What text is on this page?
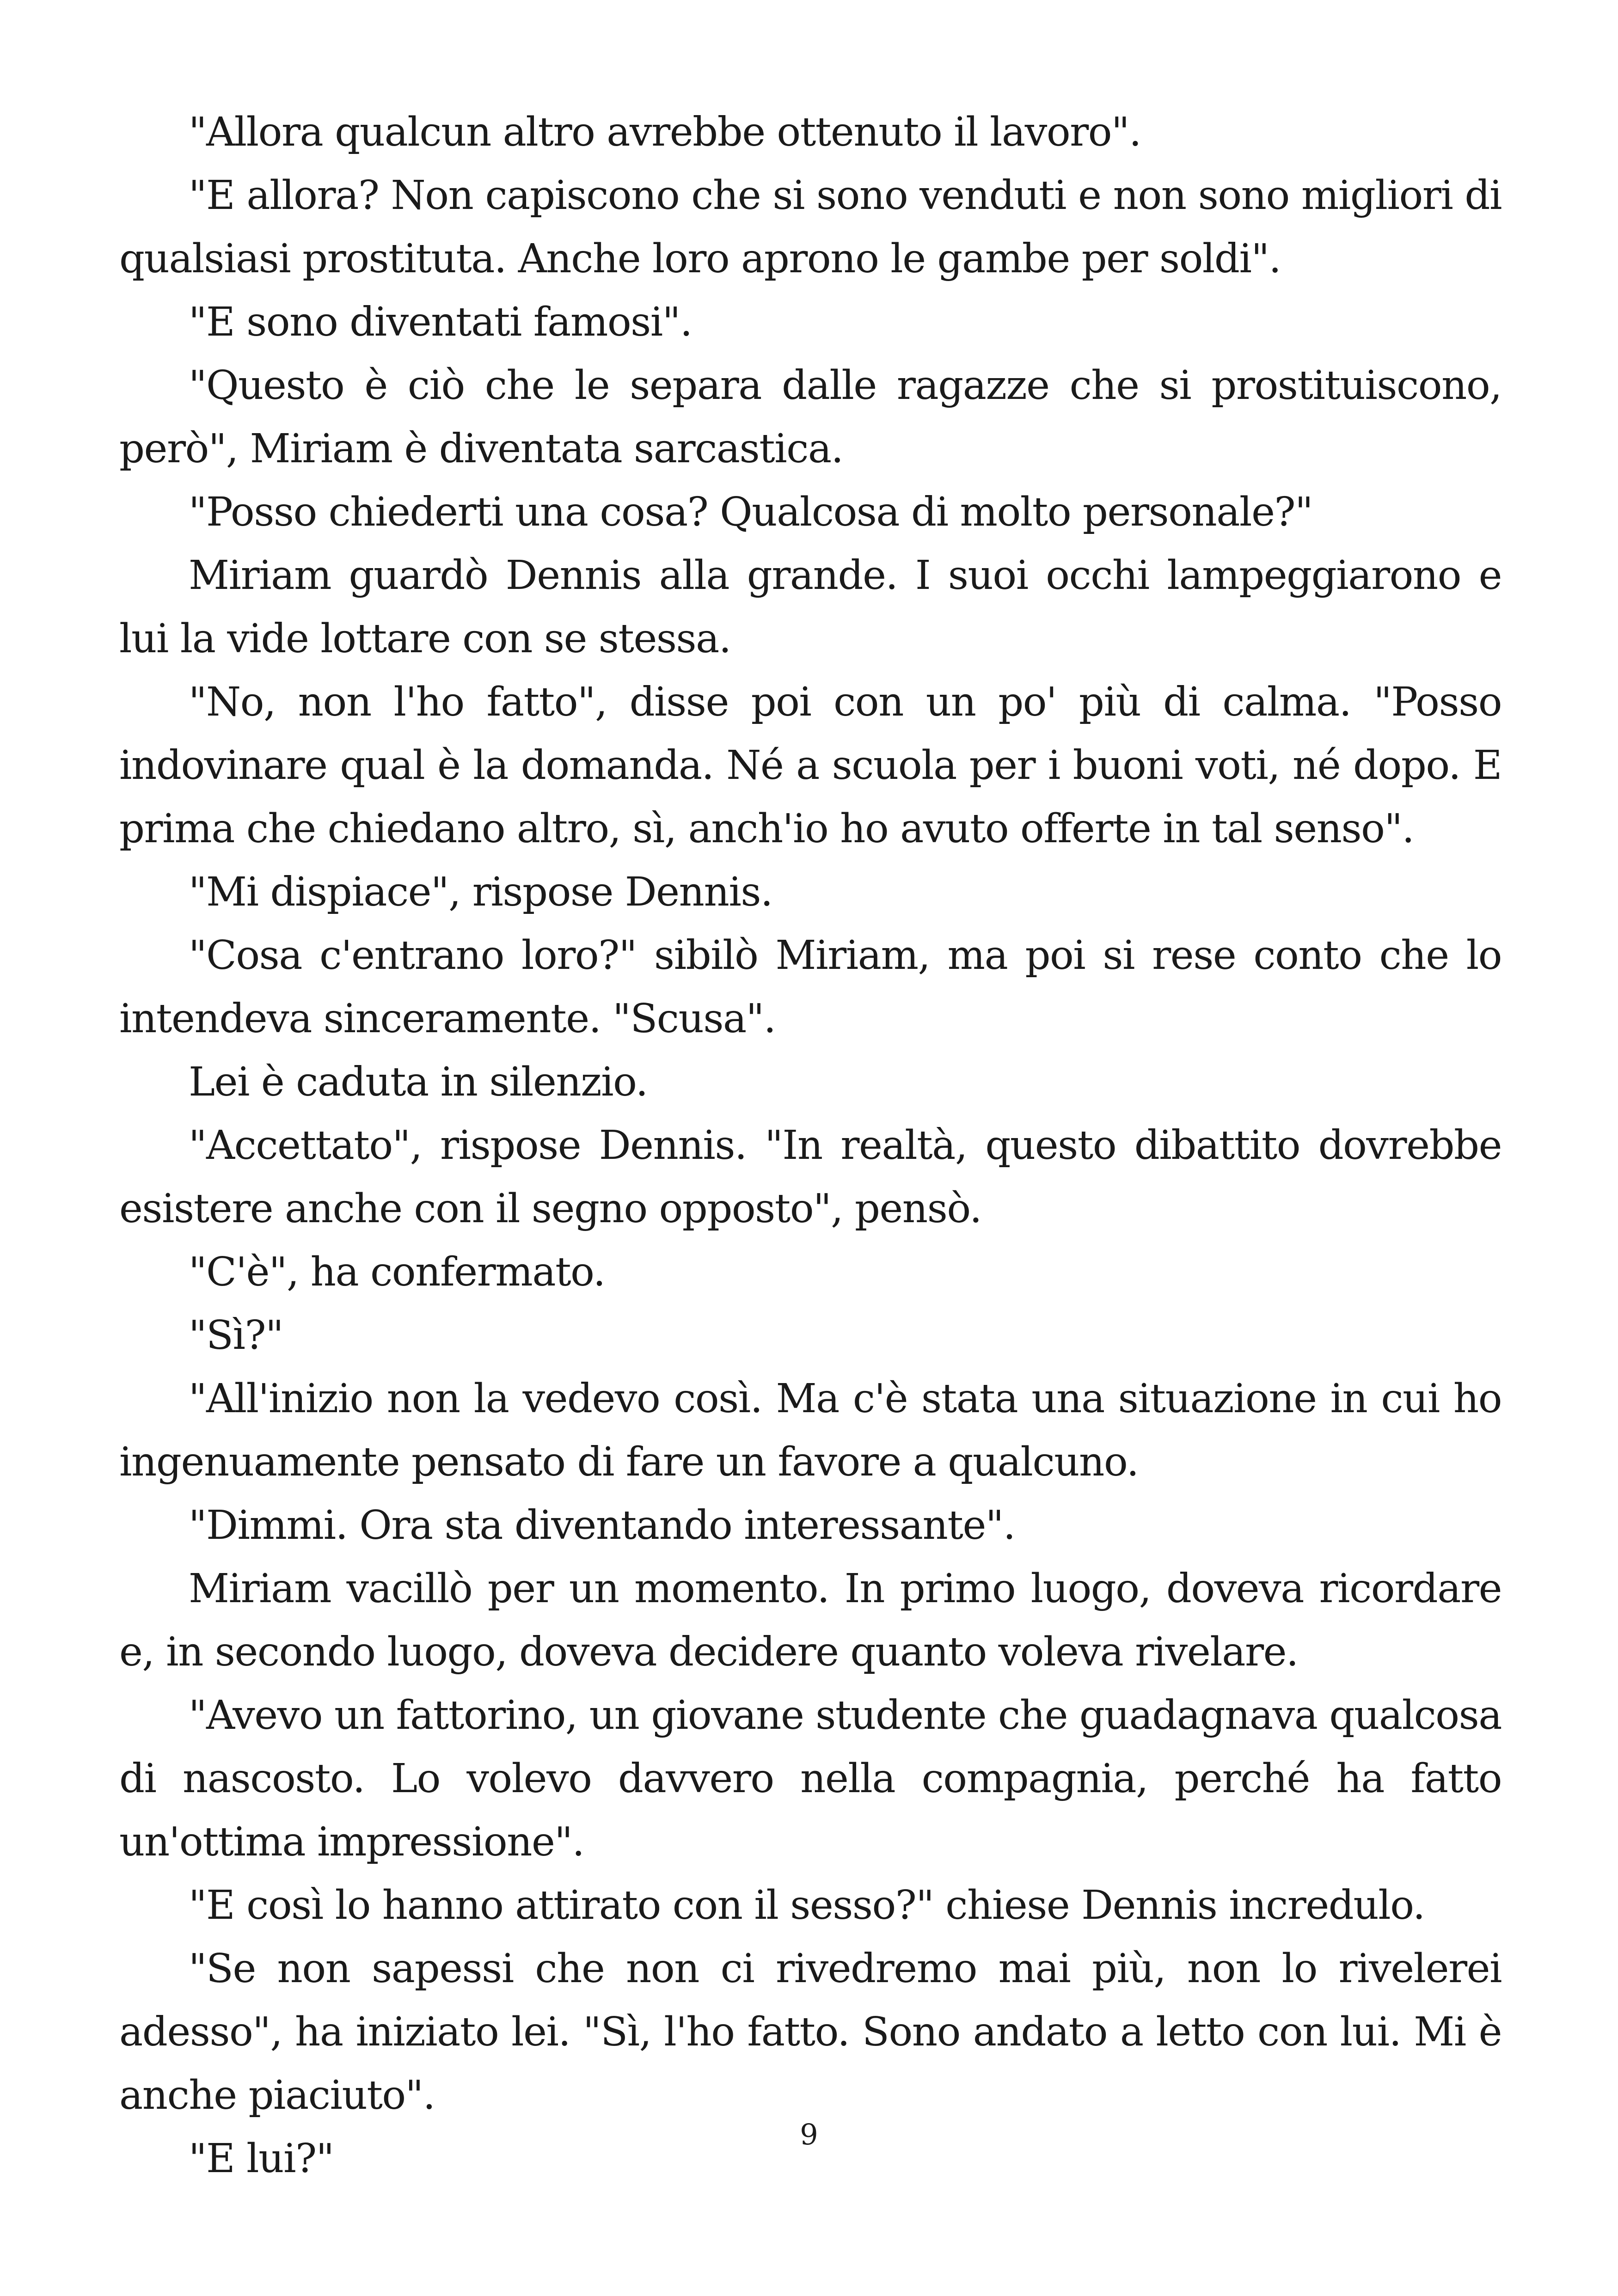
"Allora qualcun altro avrebbe ottenuto il lavoro".

"E allora? Non capiscono che si sono venduti e non sono migliori di qualsiasi prostituta. Anche loro aprono le gambe per soldi".

"E sono diventati famosi".

"Questo è ciò che le separa dalle ragazze che si prostituiscono, però", Miriam è diventata sarcastica.

"Posso chiederti una cosa? Qualcosa di molto personale?"

Miriam guardò Dennis alla grande. I suoi occhi lampeggiarono e lui la vide lottare con se stessa.

"No, non l'ho fatto", disse poi con un po' più di calma. "Posso indovinare qual è la domanda. Né a scuola per i buoni voti, né dopo. E prima che chiedano altro, sì, anch'io ho avuto offerte in tal senso".

"Mi dispiace", rispose Dennis.

"Cosa c'entrano loro?" sibilò Miriam, ma poi si rese conto che lo intendeva sinceramente. "Scusa".

Lei è caduta in silenzio.

"Accettato", rispose Dennis. "In realtà, questo dibattito dovrebbe esistere anche con il segno opposto", pensò.

"C'è", ha confermato.

"Sì?"

"All'inizio non la vedevo così. Ma c'è stata una situazione in cui ho ingenuamente pensato di fare un favore a qualcuno.

"Dimmi. Ora sta diventando interessante".

Miriam vacillò per un momento. In primo luogo, doveva ricordare e, in secondo luogo, doveva decidere quanto voleva rivelare.

"Avevo un fattorino, un giovane studente che guadagnava qualcosa di nascosto. Lo volevo davvero nella compagnia, perché ha fatto un'ottima impressione".

"E così lo hanno attirato con il sesso?" chiese Dennis incredulo.

"Se non sapessi che non ci rivedremo mai più, non lo rivelerei adesso", ha iniziato lei. "Sì, l'ho fatto. Sono andato a letto con lui. Mi è anche piaciuto".

"E lui?"

9
